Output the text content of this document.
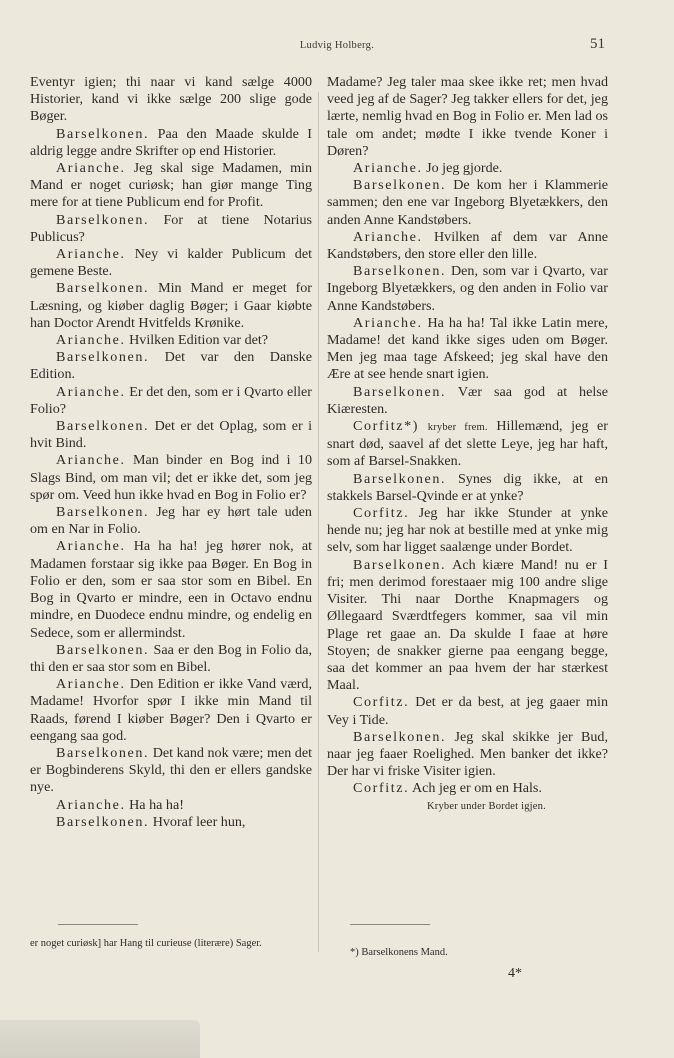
Ludvig Holberg.	51

Eventyr igien; thi naar vi kand sælge 4000 Historier, kand vi ikke sælge 200 slige gode Bøger.

Barselkonen. Paa den Maade skulde I aldrig legge andre Skrifter op end Historier.

Arianche. Jeg skal sige Madamen, min Mand er noget curiøsk; han giør mange Ting mere for at tiene Publicum end for Profit.

Barselkonen. For at tiene Notarius Publicus?

Arianche. Ney vi kalder Publicum det gemene Beste.

Barselkonen. Min Mand er meget for Læsning, og kiøber daglig Bøger; i Gaar kiøbte han Doctor Arendt Hvitfelds Krønike.

Arianche. Hvilken Edition var det?

Barselkonen. Det var den Danske Edition.

Arianche. Er det den, som er i Qvarto eller Folio?

Barselkonen. Det er det Oplag, som er i hvit Bind.

Arianche. Man binder en Bog ind i 10 Slags Bind, om man vil; det er ikke det, som jeg spør om. Veed hun ikke hvad en Bog in Folio er?

Barselkonen. Jeg har ey hørt tale uden om en Nar in Folio.

Arianche. Ha ha ha! jeg hører nok, at Madamen forstaar sig ikke paa Bøger. En Bog in Folio er den, som er saa stor som en Bibel. En Bog in Qvarto er mindre, een in Octavo endnu mindre, en Duodece endnu mindre, og endelig en Sedece, som er allermindst.

Barselkonen. Saa er den Bog in Folio da, thi den er saa stor som en Bibel.

Arianche. Den Edition er ikke Vand værd, Madame! Hvorfor spør I ikke min Mand til Raads, førend I kiøber Bøger? Den i Qvarto er eengang saa god.

Barselkonen. Det kand nok være; men det er Bogbinderens Skyld, thi den er ellers gandske nye.

Arianche. Ha ha ha!

Barselkonen. Hvoraf leer hun,

Madame? Jeg taler maa skee ikke ret; men hvad veed jeg af de Sager? Jeg takker ellers for det, jeg lærte, nemlig hvad en Bog in Folio er. Men lad os tale om andet; mødte I ikke tvende Koner i Døren?

Arianche. Jo jeg gjorde.

Barselkonen. De kom her i Klammerie sammen; den ene var Ingeborg Blyetækkers, den anden Anne Kandstøbers.

Arianche. Hvilken af dem var Anne Kandstøbers, den store eller den lille.

Barselkonen. Den, som var i Qvarto, var Ingeborg Blyetækkers, og den anden in Folio var Anne Kandstøbers.

Arianche. Ha ha ha! Tal ikke Latin mere, Madame! det kand ikke siges uden om Bøger. Men jeg maa tage Afskeed; jeg skal have den Ære at see hende snart igien.

Barselkonen. Vær saa god at helse Kiæresten.

Corfitz*) kryber frem. Hillemænd, jeg er snart død, saavel af det slette Leye, jeg har haft, som af Barsel-Snakken.

Barselkonen. Synes dig ikke, at en stakkels Barsel-Qvinde er at ynke?

Corfitz. Jeg har ikke Stunder at ynke hende nu; jeg har nok at bestille med at ynke mig selv, som har ligget saalænge under Bordet.

Barselkonen. Ach kiære Mand! nu er I fri; men derimod forestaaer mig 100 andre slige Visiter. Thi naar Dorthe Knapmagers og Øllegaard Sværdtfegers kommer, saa vil min Plage ret gaae an. Da skulde I faae at høre Stoyen; de snakker gierne paa eengang begge, saa det kommer an paa hvem der har stærkest Maal.

Corfitz. Det er da best, at jeg gaaer min Vey i Tide.

Barselkonen. Jeg skal skikke jer Bud, naar jeg faaer Roelighed. Men banker det ikke? Der har vi friske Visiter igien.

Corfitz. Ach jeg er om en Hals.

Kryber under Bordet igjen.

er noget curiøsk] har Hang til curieuse (literære) Sager.
*) Barselkonens Mand.
4*
